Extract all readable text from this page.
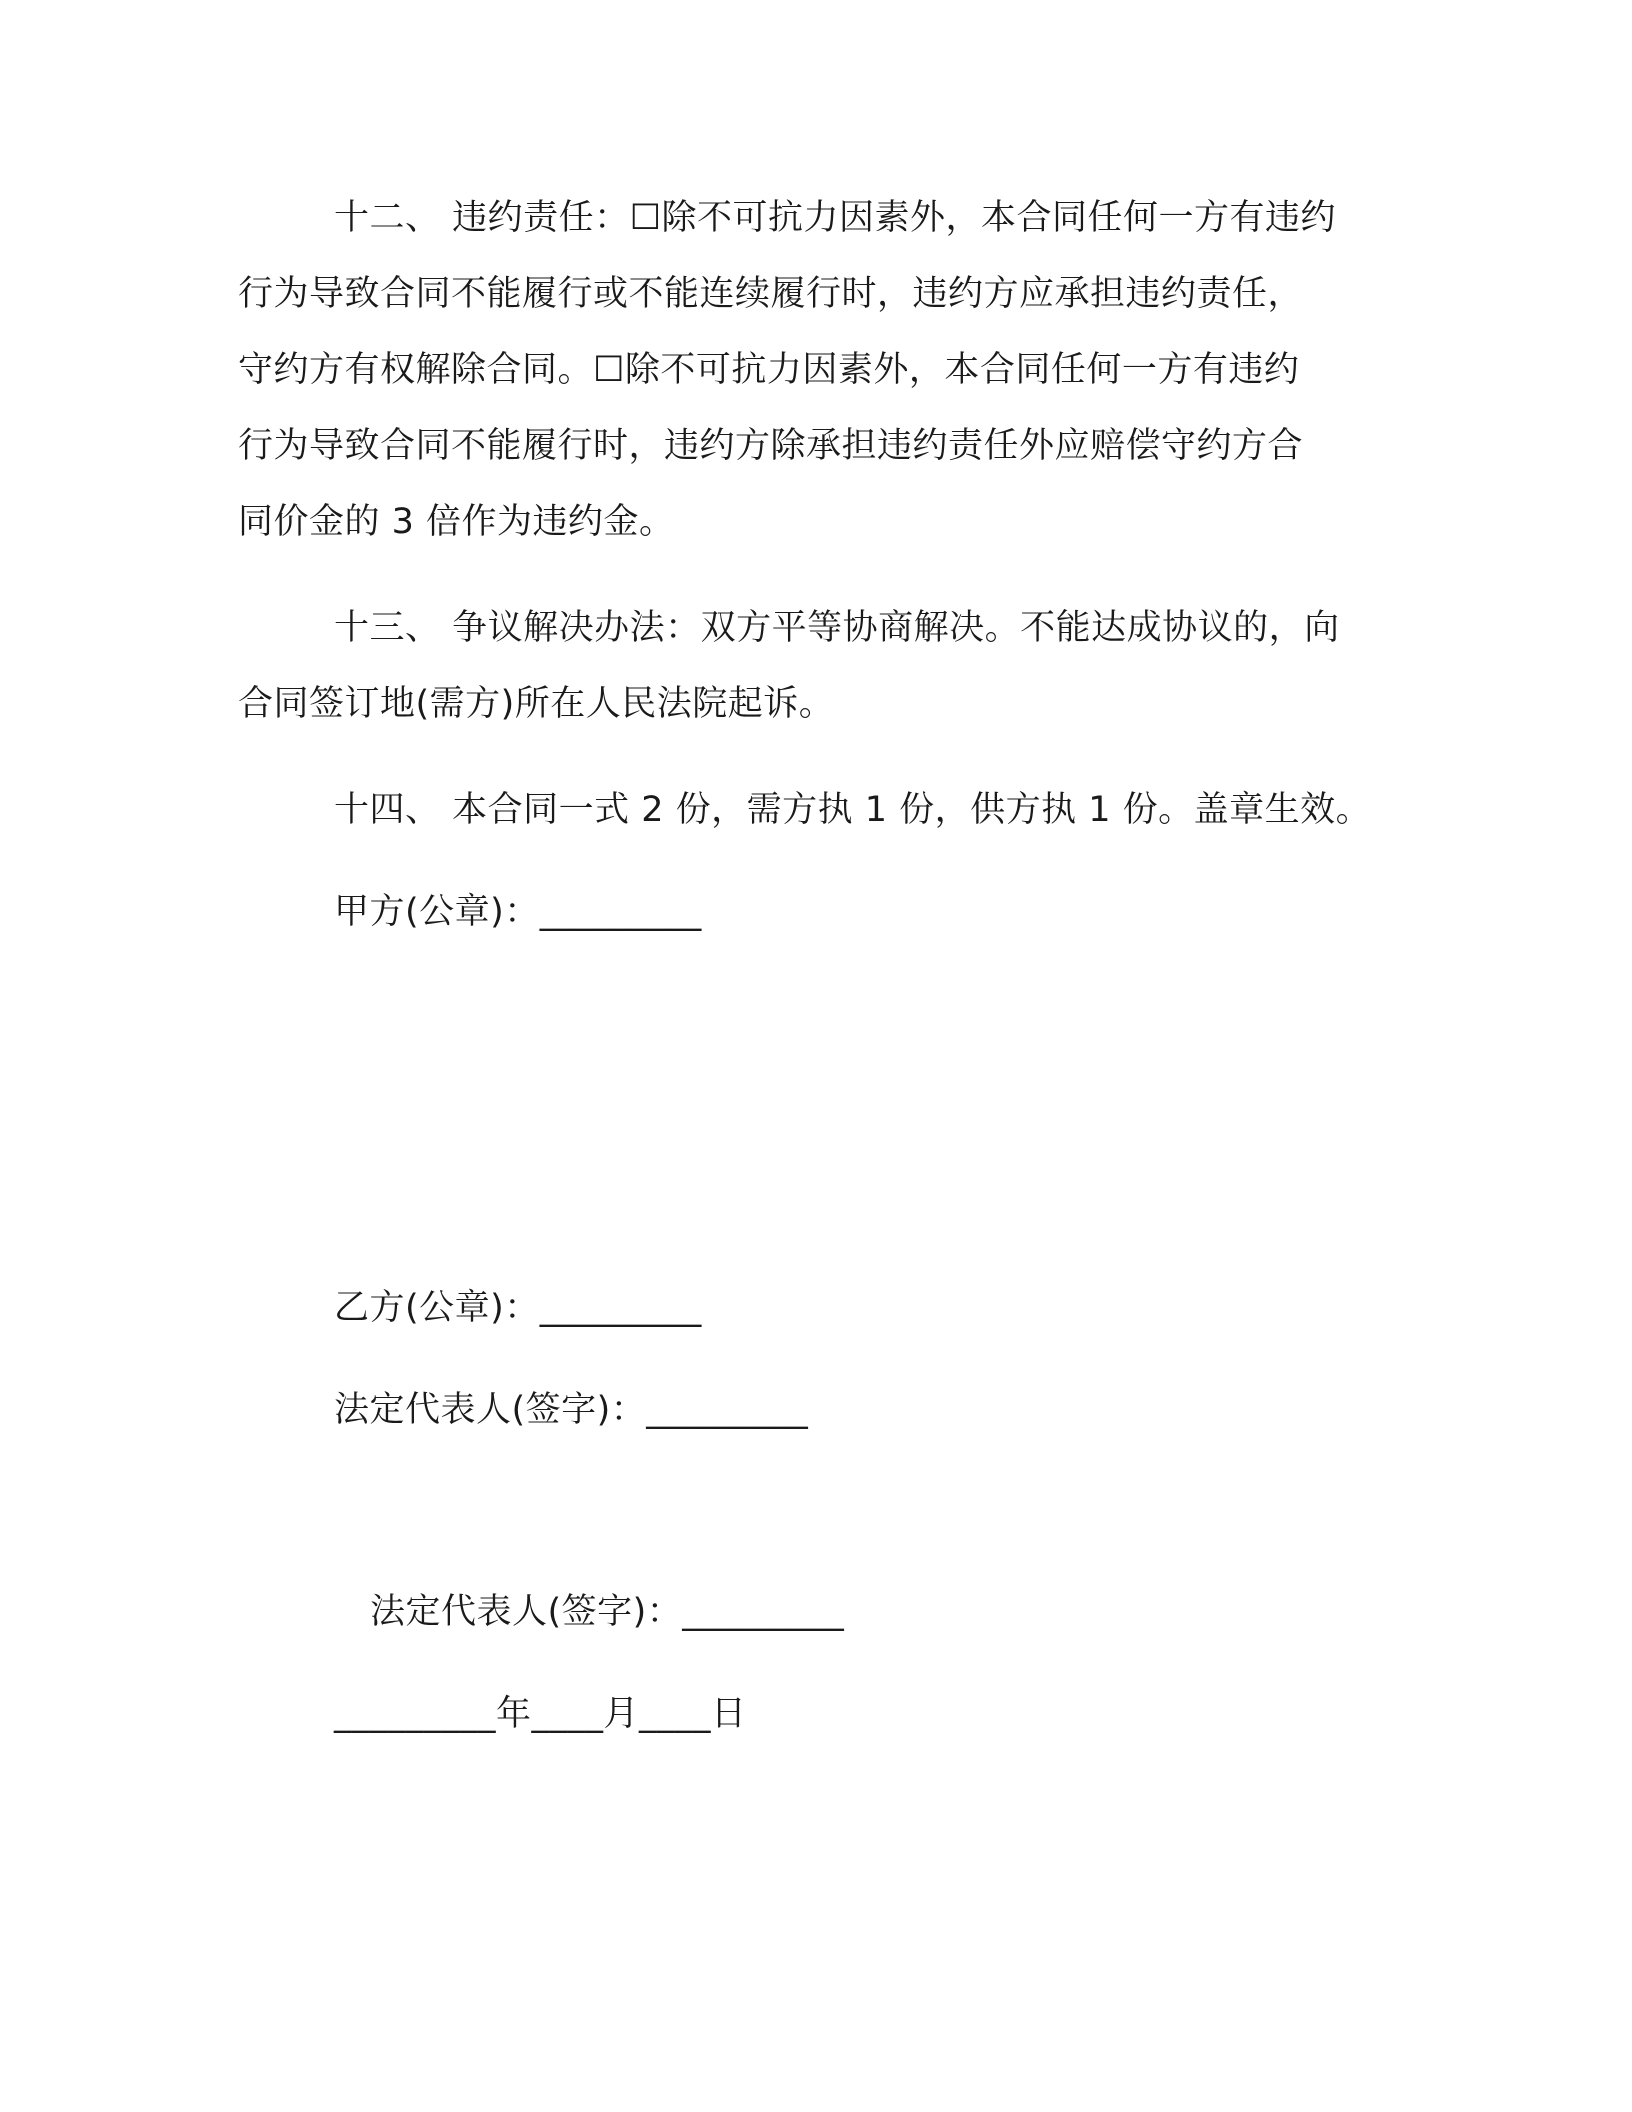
十二、 违约责任：☐除不可抗力因素外，本合同任何一方有违约
行为导致合同不能履行或不能连续履行时，违约方应承担违约责任，
守约方有权解除合同。☐除不可抗力因素外，本合同任何一方有违约
行为导致合同不能履行时，违约方除承担违约责任外应赔偿守约方合
同价金的 3 倍作为违约金。
十三、 争议解决办法：双方平等协商解决。不能达成协议的，向
合同签订地(需方)所在人民法院起诉。
十四、 本合同一式 2 份，需方执 1 份，供方执 1 份。盖章生效。
甲方(公章)：_________
乙方(公章)：_________
法定代表人(签字)：_________
法定代表人(签字)：_________
_________年____月____日
